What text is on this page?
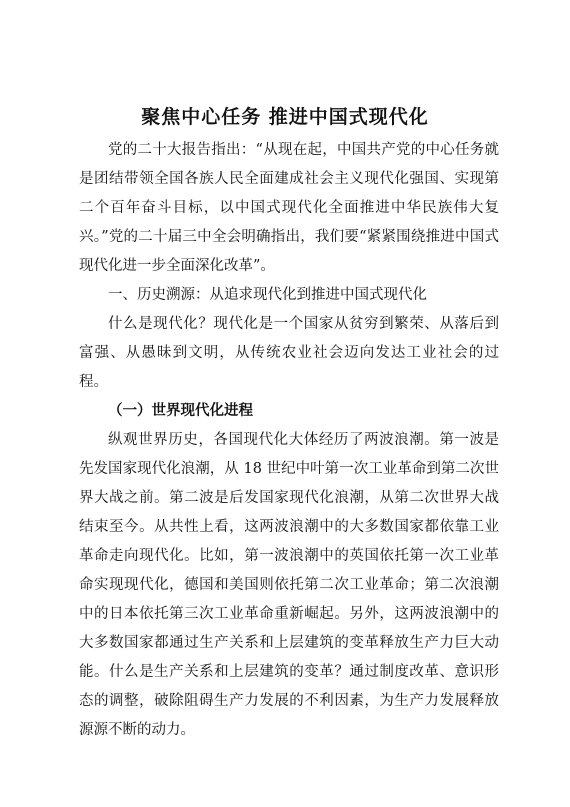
聚焦中心任务 推进中国式现代化

党的二十大报告指出：“从现在起，中国共产党的中心任务就是团结带领全国各族人民全面建成社会主义现代化强国、实现第二个百年奋斗目标，以中国式现代化全面推进中华民族伟大复兴。”党的二十届三中全会明确指出，我们要“紧紧围绕推进中国式现代化进一步全面深化改革”。

一、历史溯源：从追求现代化到推进中国式现代化

什么是现代化？现代化是一个国家从贫穷到繁荣、从落后到富强、从愚昧到文明，从传统农业社会迈向发达工业社会的过程。

（一）世界现代化进程

纵观世界历史，各国现代化大体经历了两波浪潮。第一波是先发国家现代化浪潮，从 18 世纪中叶第一次工业革命到第二次世界大战之前。第二波是后发国家现代化浪潮，从第二次世界大战结束至今。从共性上看，这两波浪潮中的大多数国家都依靠工业革命走向现代化。比如，第一波浪潮中的英国依托第一次工业革命实现现代化，德国和美国则依托第二次工业革命；第二次浪潮中的日本依托第三次工业革命重新崛起。另外，这两波浪潮中的大多数国家都通过生产关系和上层建筑的变革释放生产力巨大动能。什么是生产关系和上层建筑的变革？通过制度改革、意识形态的调整，破除阻碍生产力发展的不利因素，为生产力发展释放源源不断的动力。
